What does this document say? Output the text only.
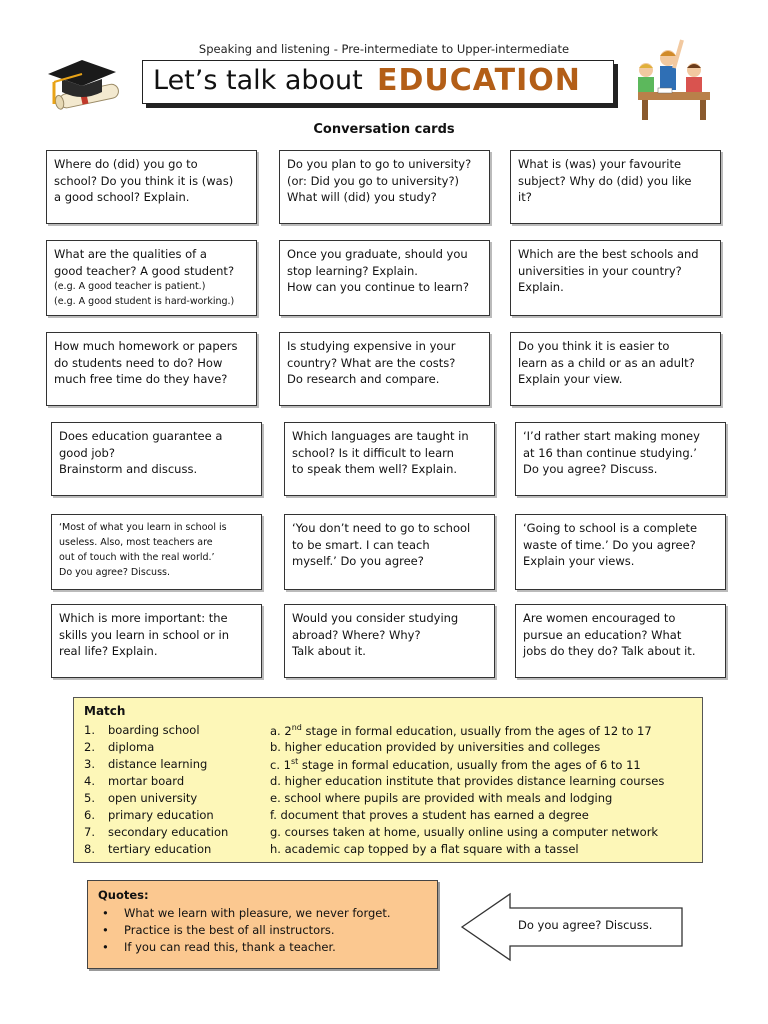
Speaking and listening - Pre-intermediate to Upper-intermediate
Let’s talk about EDUCATION
Conversation cards
Where do (did) you go to
school? Do you think it is (was)
a good school? Explain.
Do you plan to go to university?
(or: Did you go to university?)
What will (did) you study?
What is (was) your favourite
subject? Why do (did) you like
it?
What are the qualities of a
good teacher? A good student?
(e.g. A good teacher is patient.)
(e.g. A good student is hard-working.)
Once you graduate, should you
stop learning? Explain.
How can you continue to learn?
Which are the best schools and
universities in your country?
Explain.
How much homework or papers
do students need to do? How
much free time do they have?
Is studying expensive in your
country? What are the costs?
Do research and compare.
Do you think it is easier to
learn as a child or as an adult?
Explain your view.
Does education guarantee a
good job?
Brainstorm and discuss.
Which languages are taught in
school? Is it difficult to learn
to speak them well? Explain.
‘I’d rather start making money
at 16 than continue studying.’
Do you agree? Discuss.
‘Most of what you learn in school is
useless. Also, most teachers are
out of touch with the real world.’
Do you agree? Discuss.
‘You don’t need to go to school
to be smart. I can teach
myself.’ Do you agree?
‘Going to school is a complete
waste of time.’ Do you agree?
Explain your views.
Which is more important: the
skills you learn in school or in
real life? Explain.
Would you consider studying
abroad? Where? Why?
Talk about it.
Are women encouraged to
pursue an education? What
jobs do they do? Talk about it.
Match
1. boarding school	a. 2nd stage in formal education, usually from the ages of 12 to 17
2. diploma	b. higher education provided by universities and colleges
3. distance learning	c. 1st stage in formal education, usually from the ages of 6 to 11
4. mortar board	d. higher education institute that provides distance learning courses
5. open university	e. school where pupils are provided with meals and lodging
6. primary education	f. document that proves a student has earned a degree
7. secondary education	g. courses taken at home, usually online using a computer network
8. tertiary education	h. academic cap topped by a flat square with a tassel
Quotes:
• What we learn with pleasure, we never forget.
• Practice is the best of all instructors.
• If you can read this, thank a teacher.
Do you agree? Discuss.
